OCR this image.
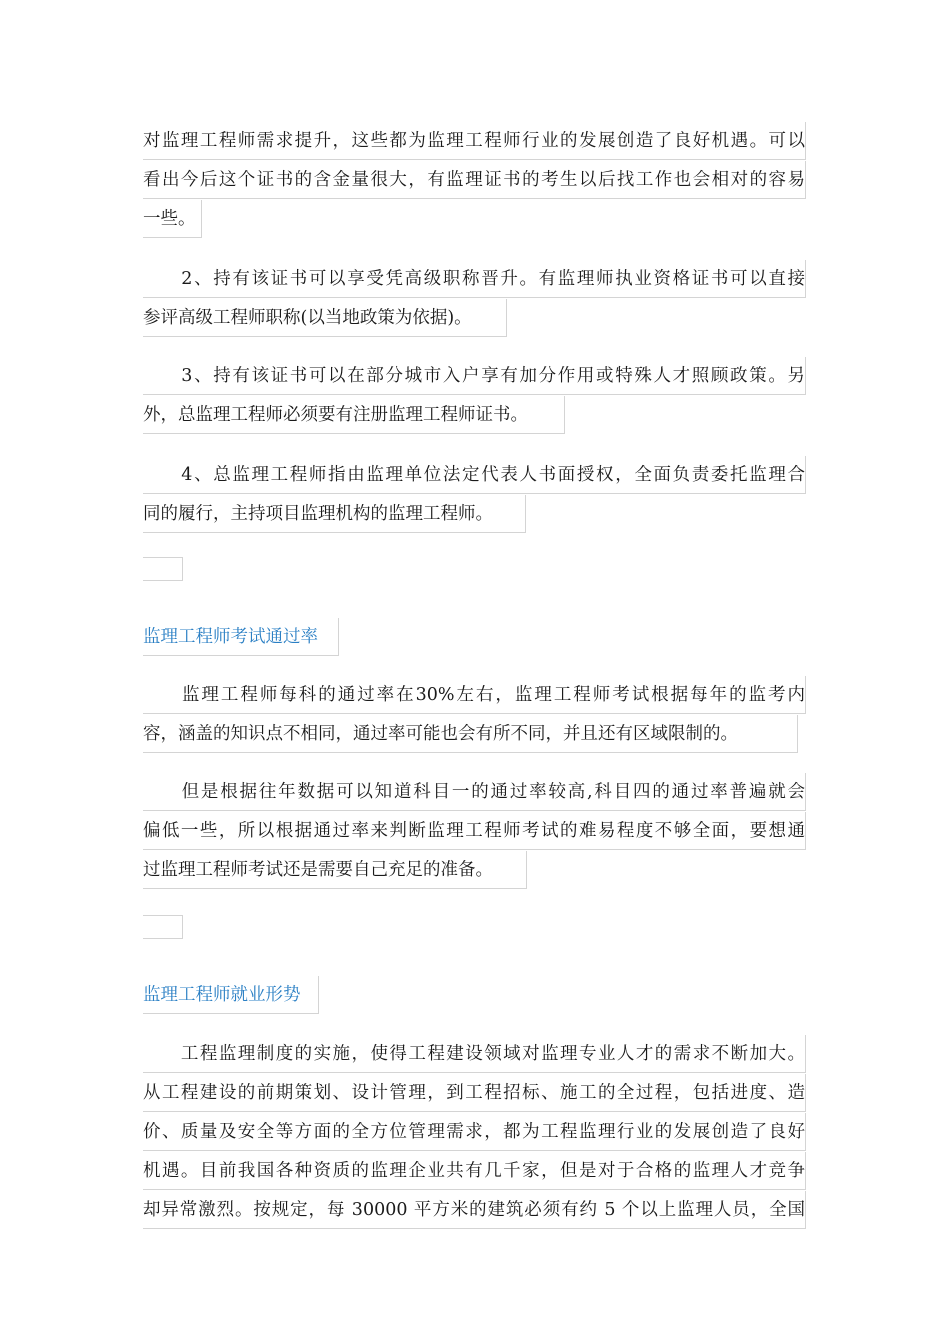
对监理工程师需求提升，这些都为监理工程师行业的发展创造了良好机遇。可以
看出今后这个证书的含金量很大，有监理证书的考生以后找工作也会相对的容易
一些。
　　2、持有该证书可以享受凭高级职称晋升。有监理师执业资格证书可以直接
参评高级工程师职称(以当地政策为依据)。
　　3、持有该证书可以在部分城市入户享有加分作用或特殊人才照顾政策。另
外，总监理工程师必须要有注册监理工程师证书。
　　4、总监理工程师指由监理单位法定代表人书面授权，全面负责委托监理合
同的履行，主持项目监理机构的监理工程师。
监理工程师考试通过率
　　监理工程师每科的通过率在30%左右，监理工程师考试根据每年的监考内
容，涵盖的知识点不相同，通过率可能也会有所不同，并且还有区域限制的。
　　但是根据往年数据可以知道科目一的通过率较高,科目四的通过率普遍就会
偏低一些，所以根据通过率来判断监理工程师考试的难易程度不够全面，要想通
过监理工程师考试还是需要自己充足的准备。
监理工程师就业形势
　　工程监理制度的实施，使得工程建设领域对监理专业人才的需求不断加大。
从工程建设的前期策划、设计管理，到工程招标、施工的全过程，包括进度、造
价、质量及安全等方面的全方位管理需求，都为工程监理行业的发展创造了良好
机遇。目前我国各种资质的监理企业共有几千家，但是对于合格的监理人才竞争
却异常激烈。按规定，每 30000 平方米的建筑必须有约 5 个以上监理人员，全国
